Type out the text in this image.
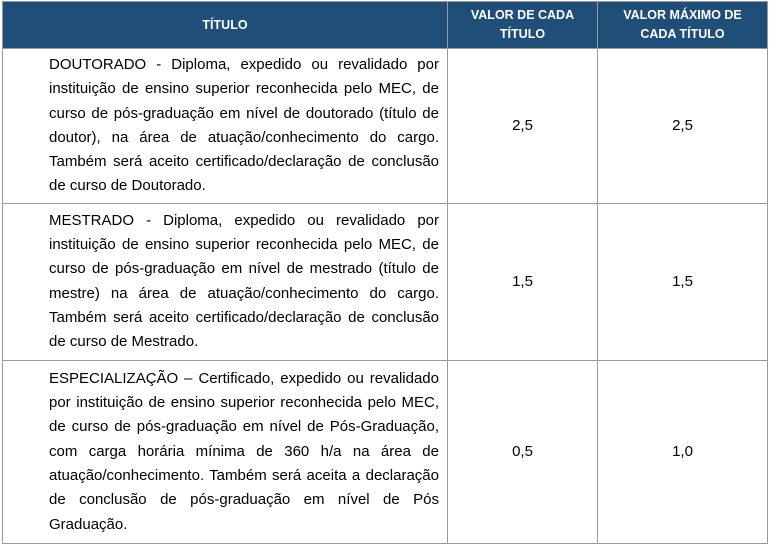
TÍTULO	VALOR DE CADA TÍTULO	VALOR MÁXIMO DE CADA TÍTULO
DOUTORADO - Diploma, expedido ou revalidado por instituição de ensino superior reconhecida pelo MEC, de curso de pós-graduação em nível de doutorado (título de doutor), na área de atuação/conhecimento do cargo. Também será aceito certificado/declaração de conclusão de curso de Doutorado.	2,5	2,5
MESTRADO - Diploma, expedido ou revalidado por instituição de ensino superior reconhecida pelo MEC, de curso de pós-graduação em nível de mestrado (título de mestre) na área de atuação/conhecimento do cargo. Também será aceito certificado/declaração de conclusão de curso de Mestrado.	1,5	1,5
ESPECIALIZAÇÃO – Certificado, expedido ou revalidado por instituição de ensino superior reconhecida pelo MEC, de curso de pós-graduação em nível de Pós-Graduação, com carga horária mínima de 360 h/a na área de atuação/conhecimento. Também será aceita a declaração de conclusão de pós-graduação em nível de Pós Graduação.	0,5	1,0
